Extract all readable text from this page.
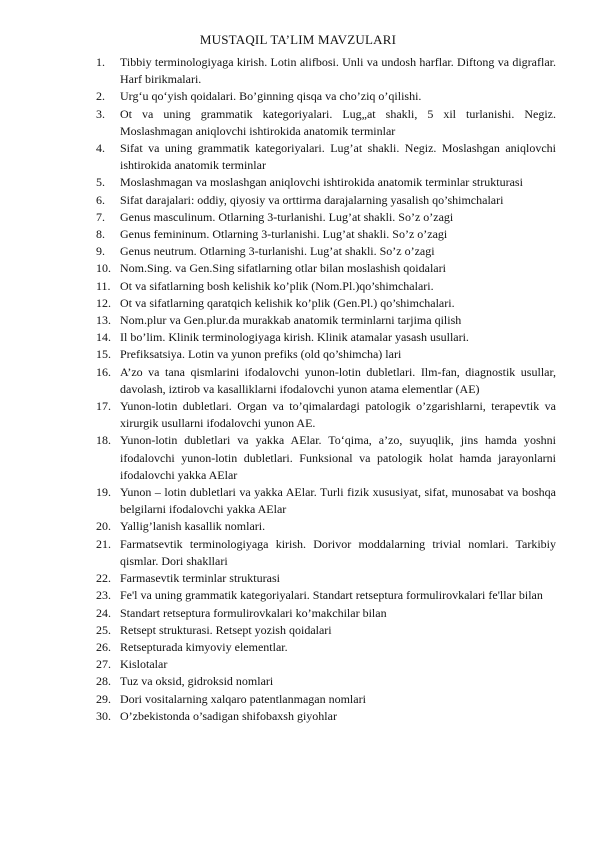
MUSTAQIL TA’LIM MAVZULARI
1. Tibbiy terminologiyaga kirish. Lotin alifbosi. Unli va undosh harflar. Diftong va digraflar. Harf birikmalari.
2. Urg‘u qo‘yish qoidalari. Bo’ginning qisqa va cho’ziq o’qilishi.
3. Ot va uning grammatik kategoriyalari. Lug„at shakli, 5 xil turlanishi. Negiz. Moslashmagan aniqlovchi ishtirokida anatomik terminlar
4. Sifat va uning grammatik kategoriyalari. Lug’at shakli. Negiz. Moslashgan aniqlovchi ishtirokida anatomik terminlar
5. Moslashmagan va moslashgan aniqlovchi ishtirokida anatomik terminlar strukturasi
6. Sifat darajalari: oddiy, qiyosiy va orttirma darajalarning yasalish qo’shimchalari
7. Genus masculinum. Otlarning 3-turlanishi. Lug’at shakli. So’z o’zagi
8. Genus femininum. Otlarning 3-turlanishi. Lug’at shakli. So’z o’zagi
9. Genus neutrum. Otlarning 3-turlanishi. Lug’at shakli. So’z o’zagi
10. Nom.Sing. va Gen.Sing sifatlarning otlar bilan moslashish qoidalari
11. Ot va sifatlarning bosh kelishik ko’plik (Nom.Pl.)qo’shimchalari.
12. Ot va sifatlarning qaratqich kelishik ko’plik (Gen.Pl.) qo’shimchalari.
13. Nom.plur va Gen.plur.da murakkab anatomik terminlarni tarjima qilish
14. Il bo’lim. Klinik terminologiyaga kirish. Klinik atamalar yasash usullari.
15. Prefiksatsiya. Lotin va yunon prefiks (old qo’shimcha) lari
16. A’zo va tana qismlarini ifodalovchi yunon-lotin dubletlari. Ilm-fan, diagnostik usullar, davolash, iztirob va kasalliklarni ifodalovchi yunon atama elementlar (AE)
17. Yunon-lotin dubletlari. Organ va to’qimalardagi patologik o’zgarishlarni, terapevtik va xirurgik usullarni ifodalovchi yunon AE.
18. Yunon-lotin dubletlari va yakka AElar. To‘qima, a’zo, suyuqlik, jins hamda yoshni ifodalovchi yunon-lotin dubletlari. Funksional va patologik holat hamda jarayonlarni ifodalovchi yakka AElar
19. Yunon – lotin dubletlari va yakka AElar. Turli fizik xususiyat, sifat, munosabat va boshqa belgilarni ifodalovchi yakka AElar
20. Yallig’lanish kasallik nomlari.
21. Farmatsevtik terminologiyaga kirish. Dorivor moddalarning trivial nomlari. Tarkibiy qismlar. Dori shakllari
22. Farmasevtik terminlar strukturasi
23. Fe'l va uning grammatik kategoriyalari. Standart retseptura formulirovkalari fe'llar bilan
24. Standart retseptura formulirovkalari ko’makchilar bilan
25. Retsept strukturasi. Retsept yozish qoidalari
26. Retsepturada kimyoviy elementlar.
27. Kislotalar
28. Tuz va oksid, gidroksid nomlari
29. Dori vositalarning xalqaro patentlanmagan nomlari
30. O’zbekistonda o’sadigan shifobaxsh giyohlar
